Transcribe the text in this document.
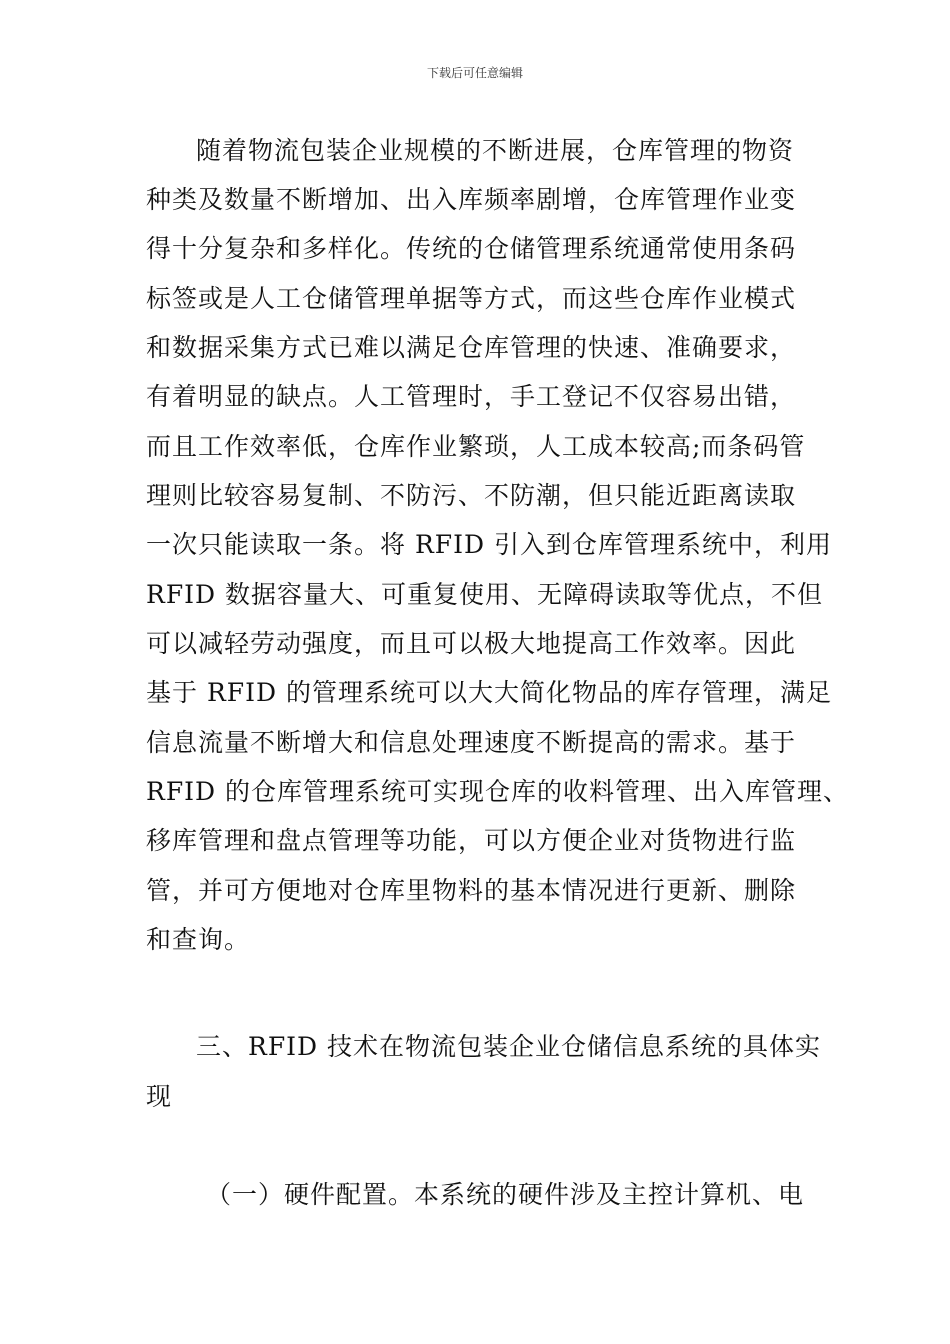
下载后可任意编辑
随着物流包装企业规模的不断进展，仓库管理的物资
种类及数量不断增加、出入库频率剧增，仓库管理作业变
得十分复杂和多样化。传统的仓储管理系统通常使用条码
标签或是人工仓储管理单据等方式，而这些仓库作业模式
和数据采集方式已难以满足仓库管理的快速、准确要求，
有着明显的缺点。人工管理时，手工登记不仅容易出错，
而且工作效率低，仓库作业繁琐，人工成本较高;而条码管
理则比较容易复制、不防污、不防潮，但只能近距离读取
一次只能读取一条。将 RFID 引入到仓库管理系统中，利用
RFID 数据容量大、可重复使用、无障碍读取等优点，不但
可以减轻劳动强度，而且可以极大地提高工作效率。因此
基于 RFID 的管理系统可以大大简化物品的库存管理，满足
信息流量不断增大和信息处理速度不断提高的需求。基于
RFID 的仓库管理系统可实现仓库的收料管理、出入库管理、
移库管理和盘点管理等功能，可以方便企业对货物进行监
管，并可方便地对仓库里物料的基本情况进行更新、删除
和查询。
三、RFID 技术在物流包装企业仓储信息系统的具体实
现
（一）硬件配置。本系统的硬件涉及主控计算机、电
